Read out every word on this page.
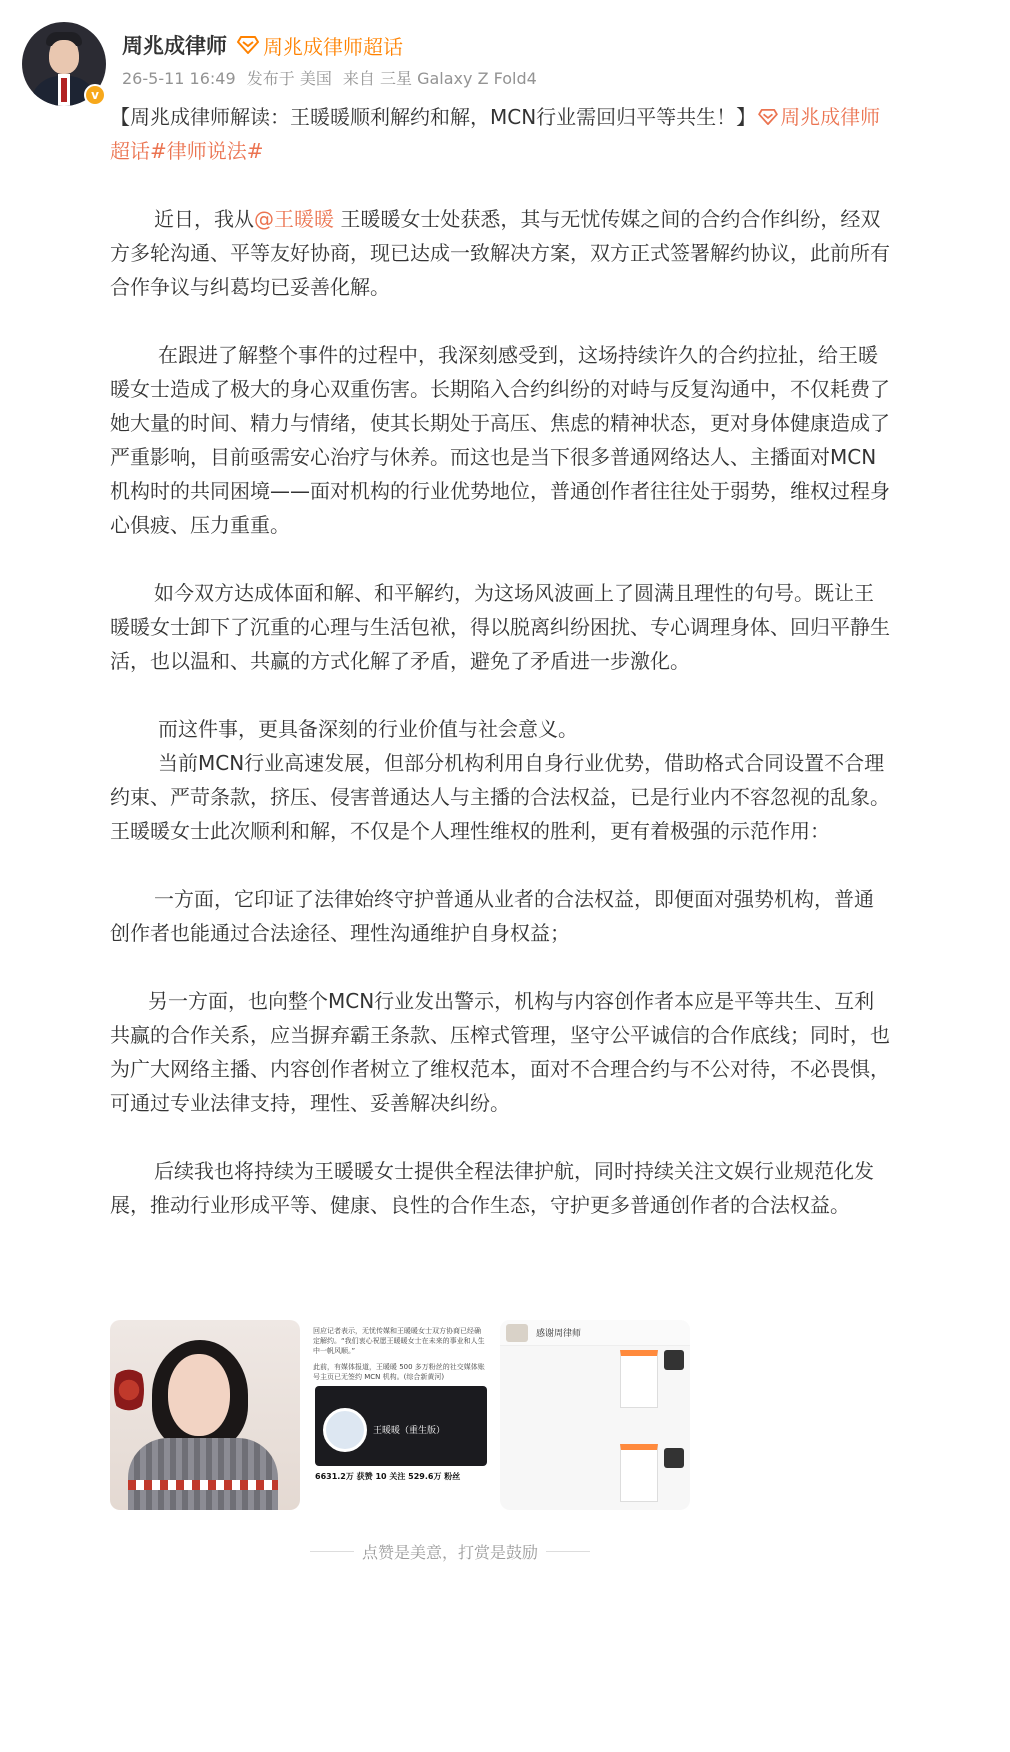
v
周兆成律师 周兆成律师超话
26-5-11 16:49 发布于 美国 来自 三星 Galaxy Z Fold4
【周兆成律师解读：王暖暖顺利解约和解，MCN行业需回归平等共生！】 周兆成律师超话#律师说法#
近日，我从@王暖暖 王暖暖女士处获悉，其与无忧传媒之间的合约合作纠纷，经双方多轮沟通、平等友好协商，现已达成一致解决方案，双方正式签署解约协议，此前所有合作争议与纠葛均已妥善化解。
在跟进了解整个事件的过程中，我深刻感受到，这场持续许久的合约拉扯，给王暖暖女士造成了极大的身心双重伤害。长期陷入合约纠纷的对峙与反复沟通中，不仅耗费了她大量的时间、精力与情绪，使其长期处于高压、焦虑的精神状态，更对身体健康造成了严重影响，目前亟需安心治疗与休养。而这也是当下很多普通网络达人、主播面对MCN机构时的共同困境——面对机构的行业优势地位，普通创作者往往处于弱势，维权过程身心俱疲、压力重重。
如今双方达成体面和解、和平解约，为这场风波画上了圆满且理性的句号。既让王暖暖女士卸下了沉重的心理与生活包袱，得以脱离纠纷困扰、专心调理身体、回归平静生活，也以温和、共赢的方式化解了矛盾，避免了矛盾进一步激化。
而这件事，更具备深刻的行业价值与社会意义。
当前MCN行业高速发展，但部分机构利用自身行业优势，借助格式合同设置不合理约束、严苛条款，挤压、侵害普通达人与主播的合法权益，已是行业内不容忽视的乱象。王暖暖女士此次顺利和解，不仅是个人理性维权的胜利，更有着极强的示范作用：
一方面，它印证了法律始终守护普通从业者的合法权益，即便面对强势机构，普通创作者也能通过合法途径、理性沟通维护自身权益；
另一方面，也向整个MCN行业发出警示，机构与内容创作者本应是平等共生、互利共赢的合作关系，应当摒弃霸王条款、压榨式管理，坚守公平诚信的合作底线；同时，也为广大网络主播、内容创作者树立了维权范本，面对不合理合约与不公对待，不必畏惧，可通过专业法律支持，理性、妥善解决纠纷。
后续我也将持续为王暖暖女士提供全程法律护航，同时持续关注文娱行业规范化发展，推动行业形成平等、健康、良性的合作生态，守护更多普通创作者的合法权益。
回应记者表示，无忧传媒和王暖暖女士双方协商已经确定解约。“我们衷心祝愿王暖暖女士在未来的事业和人生中一帆风顺。”
此前，有媒体报道，王暖暖 500 多万粉丝的社交媒体账号主页已无签约 MCN 机构。(综合新黄河)
王暖暖（重生版）
6631.2万 获赞 10 关注 529.6万 粉丝
感谢周律师
点赞是美意，打赏是鼓励
